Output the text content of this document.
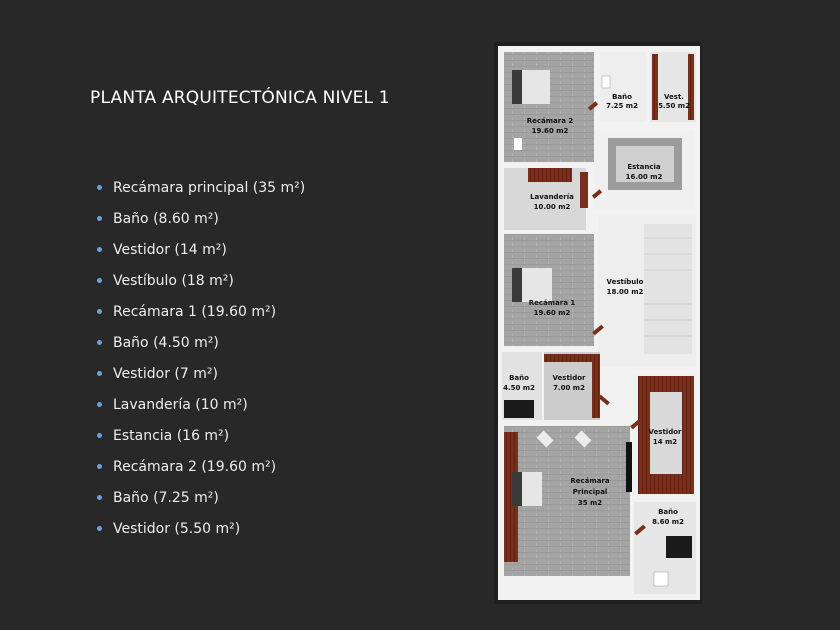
PLANTA ARQUITECTÓNICA NIVEL 1
Recámara principal (35 m²)
Baño (8.60 m²)
Vestidor (14 m²)
Vestíbulo (18 m²)
Recámara 1 (19.60 m²)
Baño (4.50 m²)
Vestidor (7 m²)
Lavandería (10 m²)
Estancia (16 m²)
Recámara 2 (19.60 m²)
Baño (7.25 m²)
Vestidor (5.50 m²)
Baño
7.25 m2
Vest.
5.50 m2
Recámara 2
19.60 m2
Estancia
16.00 m2
Lavandería
10.00 m2
Vestíbulo
18.00 m2
Recámara 1
19.60 m2
Baño
4.50 m2
Vestidor
7.00 m2
Vestidor
14 m2
Recámara
Principal
35 m2
Baño
8.60 m2
